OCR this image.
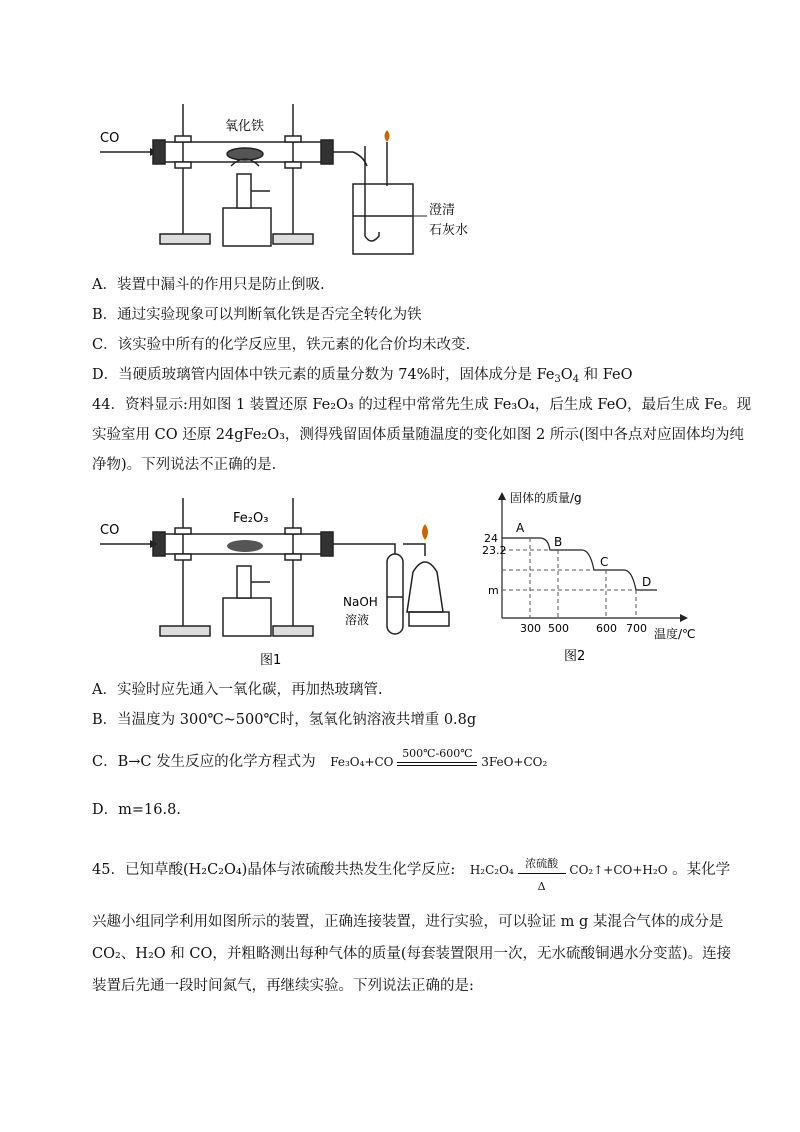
CO
氧化铁
澄清
石灰水
A．装置中漏斗的作用只是防止倒吸.
B．通过实验现象可以判断氧化铁是否完全转化为铁
C．该实验中所有的化学反应里，铁元素的化合价均未改变.
D．当硬质玻璃管内固体中铁元素的质量分数为 74%时，固体成分是 $Fe_3O_4$ 和 FeO
44．资料显示:用如图 1 装置还原 Fe₂O₃ 的过程中常常先生成 Fe₃O₄，后生成 FeO，最后生成 Fe。现
实验室用 CO 还原 24gFe₂O₃，测得残留固体质量随温度的变化如图 2 所示(图中各点对应固体均为纯
净物)。下列说法不正确的是.
CO
Fe₂O₃
NaOH
溶液
图1
固体的质量/g
温度/℃
A
B
C
D
24
23.2
m
300 500 600 700
图2
A．实验时应先通入一氧化碳，再加热玻璃管.
B．当温度为 300℃~500℃时，氢氧化钠溶液共增重 0.8g
C．B→C 发生反应的化学方程式为 Fe₃O₄+CO
500℃-600℃
3FeO+CO₂
D．m=16.8.
45．已知草酸(H₂C₂O₄)晶体与浓硫酸共热发生化学反应: H₂C₂O₄	浓硫酸
Δ
CO₂↑+CO+H₂O 。某化学
兴趣小组同学利用如图所示的装置，正确连接装置，进行实验，可以验证 m g 某混合气体的成分是
CO₂、H₂O 和 CO，并粗略测出每种气体的质量(每套装置限用一次，无水硫酸铜遇水分变蓝)。连接
装置后先通一段时间氮气，再继续实验。下列说法正确的是:
